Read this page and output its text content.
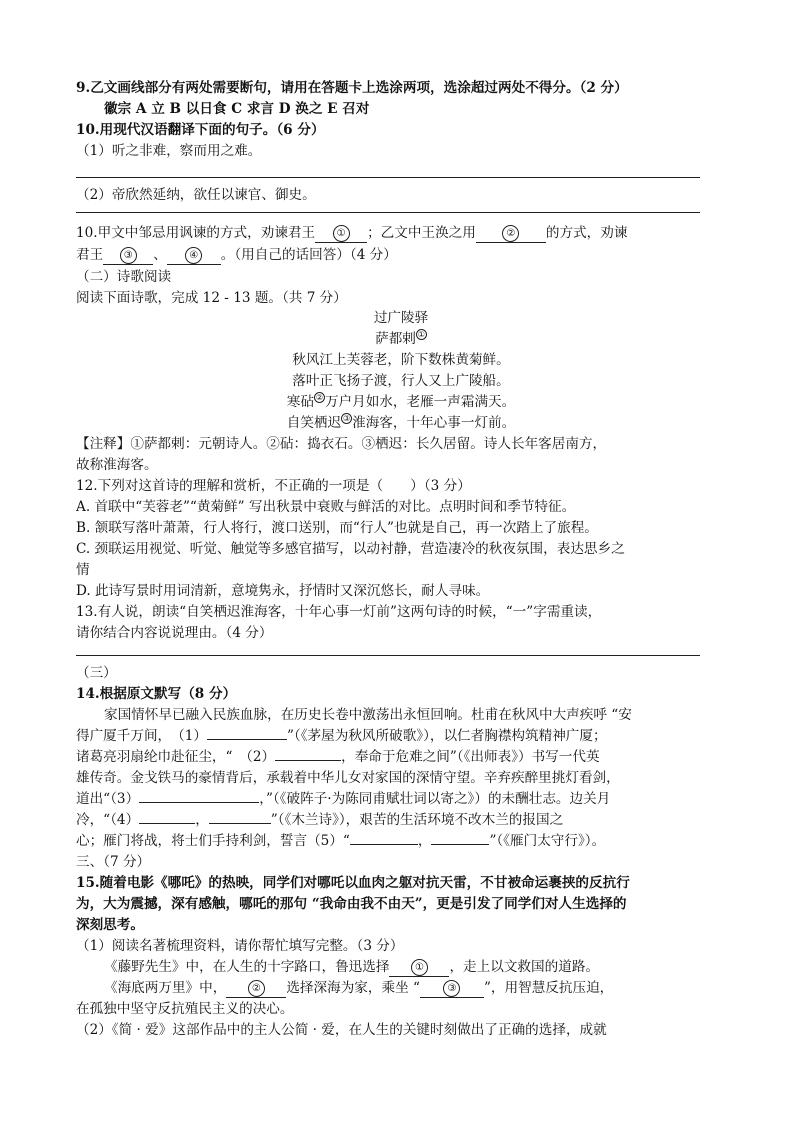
9.乙文画线部分有两处需要断句，请用在答题卡上选涂两项，选涂超过两处不得分。（2 分）
徽宗 A 立 B 以日食 C 求言 D 涣之 E 召对
10.用现代汉语翻译下面的句子。（6 分）
（1）听之非难，察而用之难。
（2）帝欣然延纳，欲任以谏官、御史。
10.甲文中邹忌用讽谏的方式，劝谏君王 ① ；乙文中王涣之用	② 的方式，劝谏
君王 ③ 、 ④ 。（用自己的话回答）（4 分）
（二）诗歌阅读
阅读下面诗歌，完成 12 - 13 题。（共 7 分）
过广陵驿
萨都剌 ①
秋风江上芙蓉老，阶下数株黄菊鲜。
落叶正飞扬子渡，行人又上广陵船。
寒砧 ② 万户月如水，老雁一声霜满天。
自笑栖迟 ③ 淮海客，十年心事一灯前。
【注释】①萨都剌：元朝诗人。②砧：捣衣石。③栖迟：长久居留。诗人长年客居南方，
故称淮海客。
12.下列对这首诗的理解和赏析，不正确的一项是（　　）（3 分）
A. 首联中“芙蓉老”“黄菊鲜” 写出秋景中衰败与鲜活的对比。点明时间和季节特征。
B. 颔联写落叶萧萧，行人将行，渡口送别，而“行人”也就是自己，再一次踏上了旅程。
C. 颈联运用视觉、听觉、触觉等多感官描写，以动衬静，营造凄冷的秋夜氛围，表达思乡之
情
D. 此诗写景时用词清新，意境隽永，抒情时又深沉悠长，耐人寻味。
13.有人说，朗读“自笑栖迟淮海客，十年心事一灯前”这两句诗的时候，“一”字需重读，
请你结合内容说说理由。（4 分）
（三）
14.根据原文默写（8 分）
家国情怀早已融入民族血脉，在历史长卷中激荡出永恒回响。杜甫在秋风中大声疾呼 “安
得广厦千万间，　（1）	”（《茅屋为秋风所破歌》），以仁者胸襟构筑精神广厦；
诸葛亮羽扇纶巾赴征尘，“　（2）	，奉命于危难之间”（《出师表》）书写一代英
雄传奇。金戈铁马的豪情背后，承载着中华儿女对家国的深情守望。辛弃疾醉里挑灯看剑，
道出“（3）	，”（《破阵子·为陈同甫赋壮词以寄之》）的未酬壮志。边关月
冷，“（4）	，	”（《木兰诗》），艰苦的生活环境不改木兰的报国之
心；雁门将战，将士们手持利剑，誓言（5）“	，	”（《雁门太守行》）。
三、（7 分）
15.随着电影《哪吒》的热映，同学们对哪吒以血肉之躯对抗天雷，不甘被命运裹挟的反抗行
为，大为震撼，深有感触，哪吒的那句 “我命由我不由天”，更是引发了同学们对人生选择的
深刻思考。
（1）阅读名著梳理资料，请你帮忙填写完整。（3 分）
《藤野先生》中，在人生的十字路口，鲁迅选择	① ，走上以文救国的道路。
《海底两万里》中，	② 选择深海为家，乘坐 “	③ ”，用智慧反抗压迫，
在孤独中坚守反抗殖民主义的决心。
（2）《简 · 爱》这部作品中的主人公简 · 爱，在人生的关键时刻做出了正确的选择，成就
